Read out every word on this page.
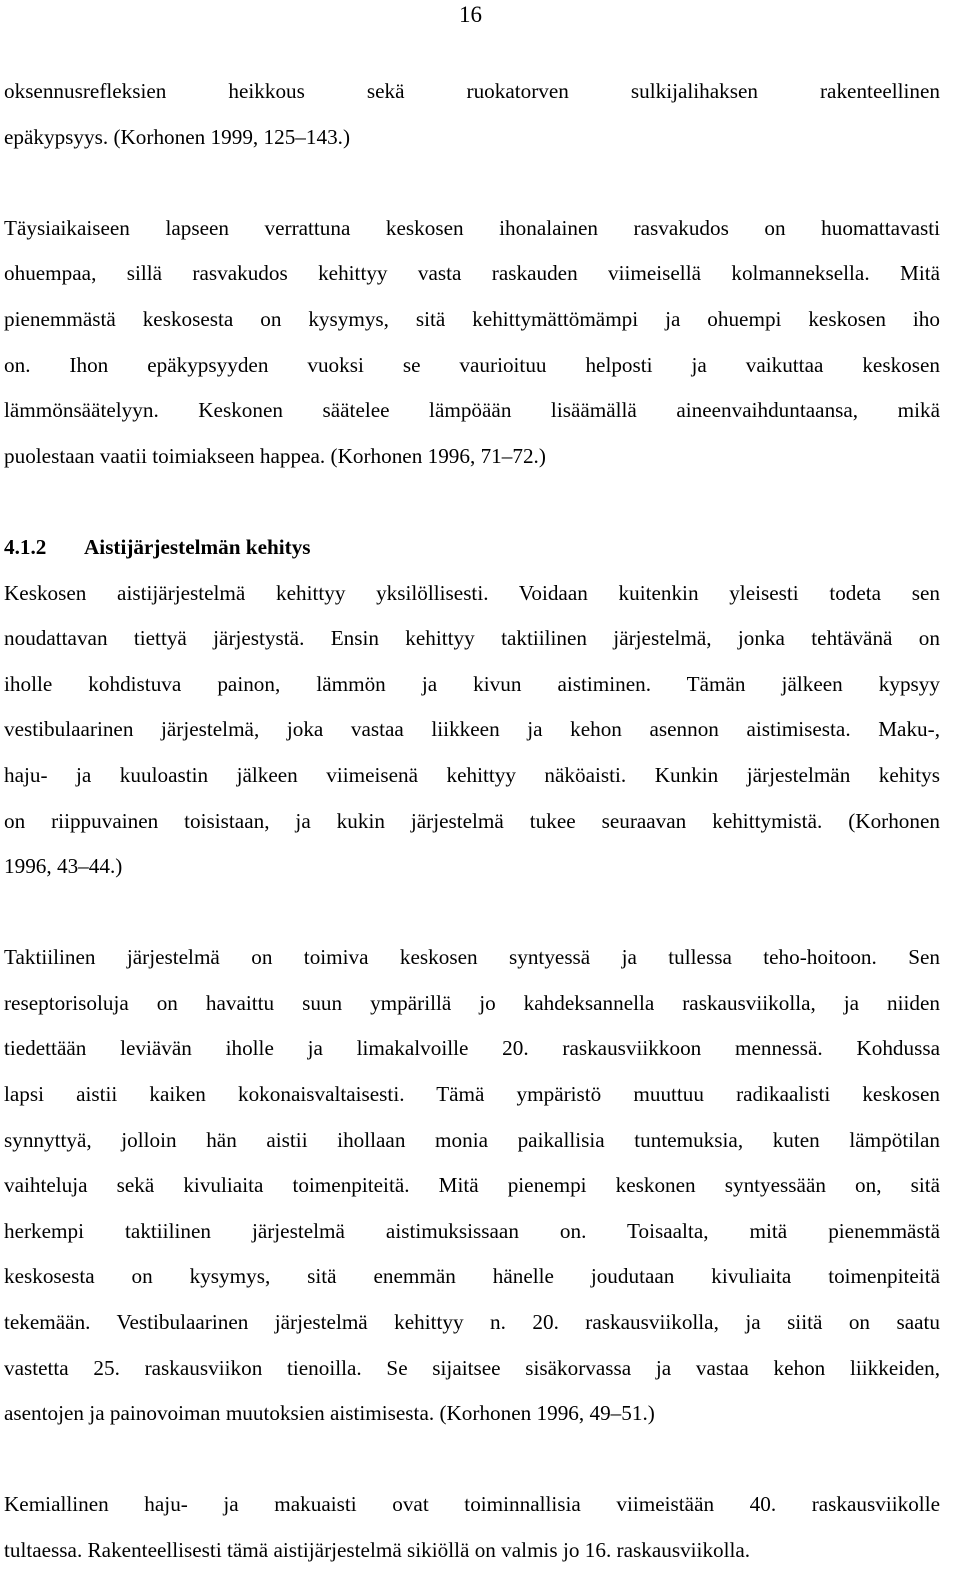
16

oksennusrefleksien heikkous sekä ruokatorven sulkijalihaksen rakenteellinen
epäkypsyys. (Korhonen 1999, 125–143.)

Täysiaikaiseen lapseen verrattuna keskosen ihonalainen rasvakudos on huomattavasti
ohuempaa, sillä rasvakudos kehittyy vasta raskauden viimeisellä kolmanneksella. Mitä
pienemmästä keskosesta on kysymys, sitä kehittymättömämpi ja ohuempi keskosen iho
on. Ihon epäkypsyyden vuoksi se vaurioituu helposti ja vaikuttaa keskosen
lämmönsäätelyyn. Keskonen säätelee lämpöään lisäämällä aineenvaihduntaansa, mikä
puolestaan vaatii toimiakseen happea. (Korhonen 1996, 71–72.)

4.1.2 Aistijärjestelmän kehitys

Keskosen aistijärjestelmä kehittyy yksilöllisesti. Voidaan kuitenkin yleisesti todeta sen
noudattavan tiettyä järjestystä. Ensin kehittyy taktiilinen järjestelmä, jonka tehtävänä on
iholle kohdistuva painon, lämmön ja kivun aistiminen. Tämän jälkeen kypsyy
vestibulaarinen järjestelmä, joka vastaa liikkeen ja kehon asennon aistimisesta. Maku-,
haju- ja kuuloastin jälkeen viimeisenä kehittyy näköaisti. Kunkin järjestelmän kehitys
on riippuvainen toisistaan, ja kukin järjestelmä tukee seuraavan kehittymistä. (Korhonen
1996, 43–44.)

Taktiilinen järjestelmä on toimiva keskosen syntyessä ja tullessa teho-hoitoon. Sen
reseptorisoluja on havaittu suun ympärillä jo kahdeksannella raskausviikolla, ja niiden
tiedettään leviävän iholle ja limakalvoille 20. raskausviikkoon mennessä. Kohdussa
lapsi aistii kaiken kokonaisvaltaisesti. Tämä ympäristö muuttuu radikaalisti keskosen
synnyttyä, jolloin hän aistii ihollaan monia paikallisia tuntemuksia, kuten lämpötilan
vaihteluja sekä kivuliaita toimenpiteitä. Mitä pienempi keskonen syntyessään on, sitä
herkempi taktiilinen järjestelmä aistimuksissaan on. Toisaalta, mitä pienemmästä
keskosesta on kysymys, sitä enemmän hänelle joudutaan kivuliaita toimenpiteitä
tekemään. Vestibulaarinen järjestelmä kehittyy n. 20. raskausviikolla, ja siitä on saatu
vastetta 25. raskausviikon tienoilla. Se sijaitsee sisäkorvassa ja vastaa kehon liikkeiden,
asentojen ja painovoiman muutoksien aistimisesta. (Korhonen 1996, 49–51.)

Kemiallinen haju- ja makuaisti ovat toiminnallisia viimeistään 40. raskausviikolle
tultaessa. Rakenteellisesti tämä aistijärjestelmä sikiöllä on valmis jo 16. raskausviikolla.
